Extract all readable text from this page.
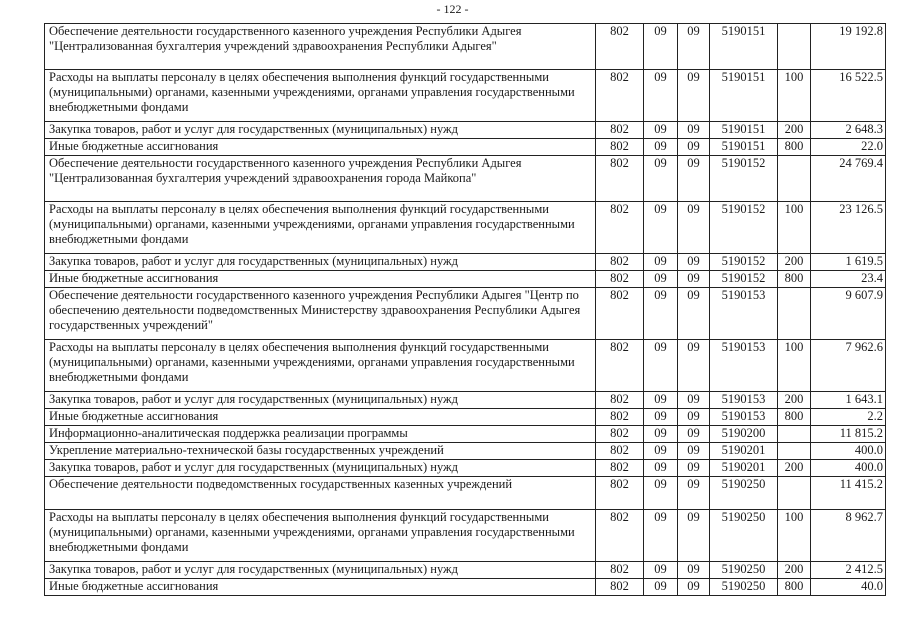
- 122 -
Обеспечение деятельности государственного казенного учреждения Республики Адыгея "Централизованная бухгалтерия учреждений здравоохранения Республики Адыгея"	802	09	09	5190151		19 192.8
Расходы на выплаты персоналу в целях обеспечения выполнения функций государственными (муниципальными) органами, казенными учреждениями, органами управления государственными внебюджетными фондами	802	09	09	5190151	100	16 522.5
Закупка товаров, работ и услуг для государственных (муниципальных) нужд	802	09	09	5190151	200	2 648.3
Иные бюджетные ассигнования	802	09	09	5190151	800	22.0
Обеспечение деятельности государственного казенного учреждения Республики Адыгея "Централизованная бухгалтерия учреждений здравоохранения города Майкопа"	802	09	09	5190152		24 769.4
Расходы на выплаты персоналу в целях обеспечения выполнения функций государственными (муниципальными) органами, казенными учреждениями, органами управления государственными внебюджетными фондами	802	09	09	5190152	100	23 126.5
Закупка товаров, работ и услуг для государственных (муниципальных) нужд	802	09	09	5190152	200	1 619.5
Иные бюджетные ассигнования	802	09	09	5190152	800	23.4
Обеспечение деятельности государственного казенного учреждения Республики Адыгея "Центр по обеспечению деятельности подведомственных Министерству здравоохранения Республики Адыгея государственных учреждений"	802	09	09	5190153		9 607.9
Расходы на выплаты персоналу в целях обеспечения выполнения функций государственными (муниципальными) органами, казенными учреждениями, органами управления государственными внебюджетными фондами	802	09	09	5190153	100	7 962.6
Закупка товаров, работ и услуг для государственных (муниципальных) нужд	802	09	09	5190153	200	1 643.1
Иные бюджетные ассигнования	802	09	09	5190153	800	2.2
Информационно-аналитическая поддержка реализации программы	802	09	09	5190200		11 815.2
Укрепление материально-технической базы государственных учреждений	802	09	09	5190201		400.0
Закупка товаров, работ и услуг для государственных (муниципальных) нужд	802	09	09	5190201	200	400.0
Обеспечение деятельности подведомственных государственных казенных учреждений	802	09	09	5190250		11 415.2
Расходы на выплаты персоналу в целях обеспечения выполнения функций государственными (муниципальными) органами, казенными учреждениями, органами управления государственными внебюджетными фондами	802	09	09	5190250	100	8 962.7
Закупка товаров, работ и услуг для государственных (муниципальных) нужд	802	09	09	5190250	200	2 412.5
Иные бюджетные ассигнования	802	09	09	5190250	800	40.0
